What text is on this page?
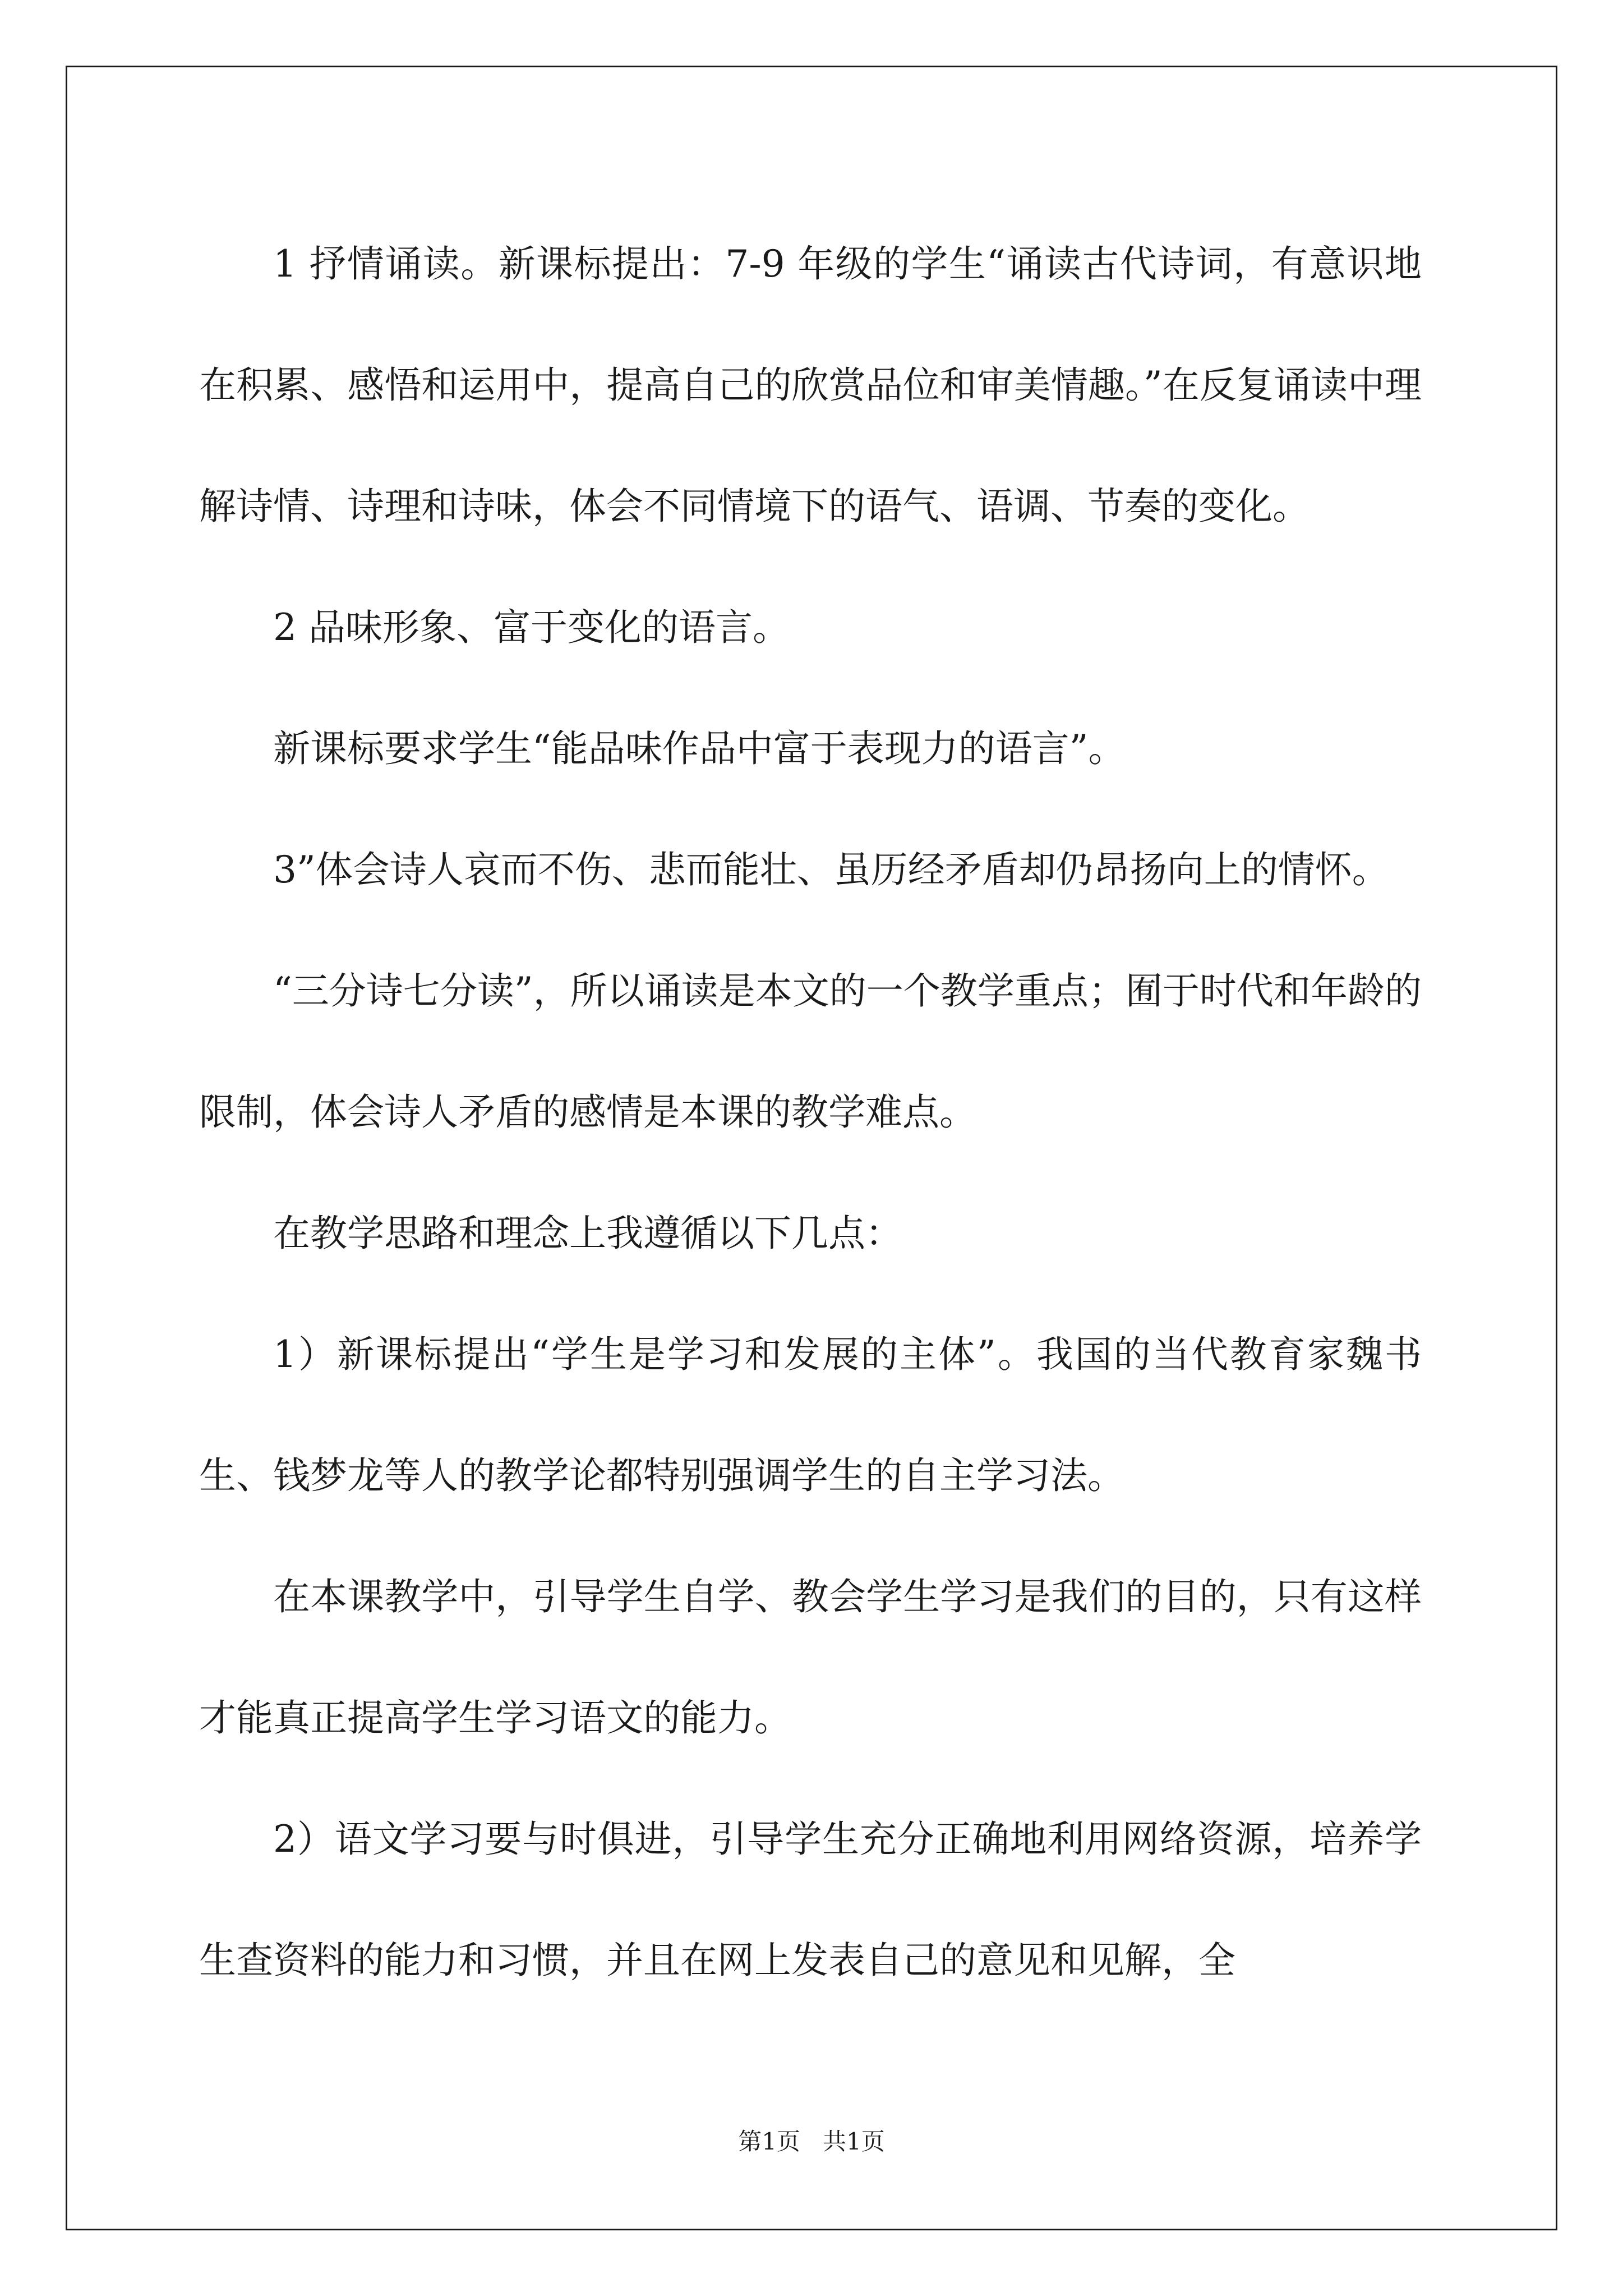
1 抒情诵读。新课标提出：7-9 年级的学生“诵读古代诗词，有意识地在积累、感悟和运用中，提高自己的欣赏品位和审美情趣。”在反复诵读中理解诗情、诗理和诗味，体会不同情境下的语气、语调、节奏的变化。

2 品味形象、富于变化的语言。

新课标要求学生“能品味作品中富于表现力的语言”。

3”体会诗人哀而不伤、悲而能壮、虽历经矛盾却仍昂扬向上的情怀。

“三分诗七分读”，所以诵读是本文的一个教学重点；囿于时代和年龄的限制，体会诗人矛盾的感情是本课的教学难点。

在教学思路和理念上我遵循以下几点：

1）新课标提出“学生是学习和发展的主体”。我国的当代教育家魏书生、钱梦龙等人的教学论都特别强调学生的自主学习法。

在本课教学中，引导学生自学、教会学生学习是我们的目的，只有这样才能真正提高学生学习语文的能力。

2）语文学习要与时俱进，引导学生充分正确地利用网络资源，培养学生查资料的能力和习惯，并且在网上发表自己的意见和见解，全

第1页 共1页
